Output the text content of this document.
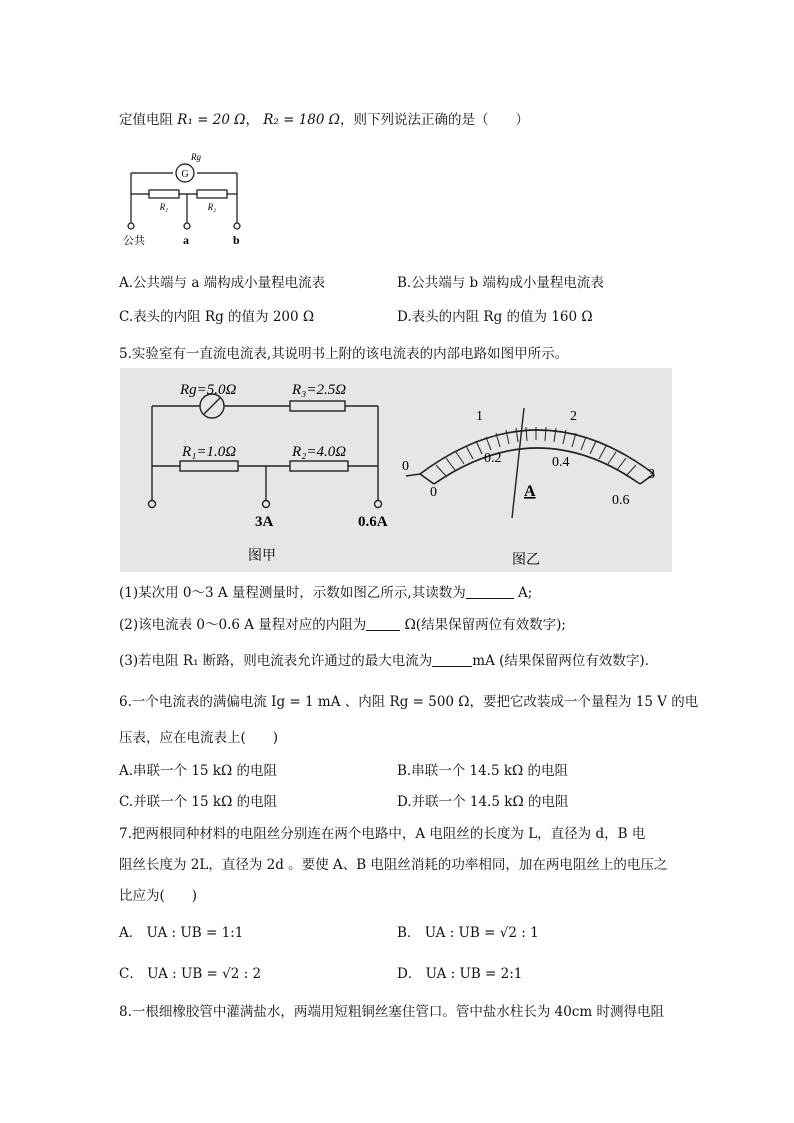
定值电阻 R₁ = 20 Ω， R₂ = 180 Ω，则下列说法正确的是（　　）
G
Rg
R₁	R₂
公共	a	b
A.公共端与 a 端构成小量程电流表	B.公共端与 b 端构成小量程电流表
C.表头的内阻 Rg 的值为 200 Ω	D.表头的内阻 Rg 的值为 160 Ω
5.实验室有一直流电流表,其说明书上附的该电流表的内部电路如图甲所示。
Rg=5.0Ω	R₃=2.5Ω
R₁=1.0Ω	R₂=4.0Ω
3A	0.6A
图甲	图乙
0
1	2
3
0
0.2	0.4
0.6
A
(1)某次用 0～3 A 量程测量时，示数如图乙所示,其读数为	A;
(2)该电流表 0～0.6 A 量程对应的内阻为	Ω(结果保留两位有效数字);
(3)若电阻 R₁ 断路，则电流表允许通过的最大电流为	mA (结果保留两位有效数字).
6.一个电流表的满偏电流 Ig = 1 mA 、内阻 Rg = 500 Ω，要把它改装成一个量程为 15 V 的电
压表，应在电流表上(　　)
A.串联一个 15 kΩ 的电阻	B.串联一个 14.5 kΩ 的电阻
C.并联一个 15 kΩ 的电阻	D.并联一个 14.5 kΩ 的电阻
7.把两根同种材料的电阻丝分别连在两个电路中，A 电阻丝的长度为 L，直径为 d，B 电
阻丝长度为 2L，直径为 2d 。要使 A、B 电阻丝消耗的功率相同，加在两电阻丝上的电压之
比应为(　　)
A． UA : UB = 1:1	B． UA : UB = √2 : 1
C． UA : UB = √2 : 2	D． UA : UB = 2:1
8.一根细橡胶管中灌满盐水，两端用短粗铜丝塞住管口。管中盐水柱长为 40cm 时测得电阻
